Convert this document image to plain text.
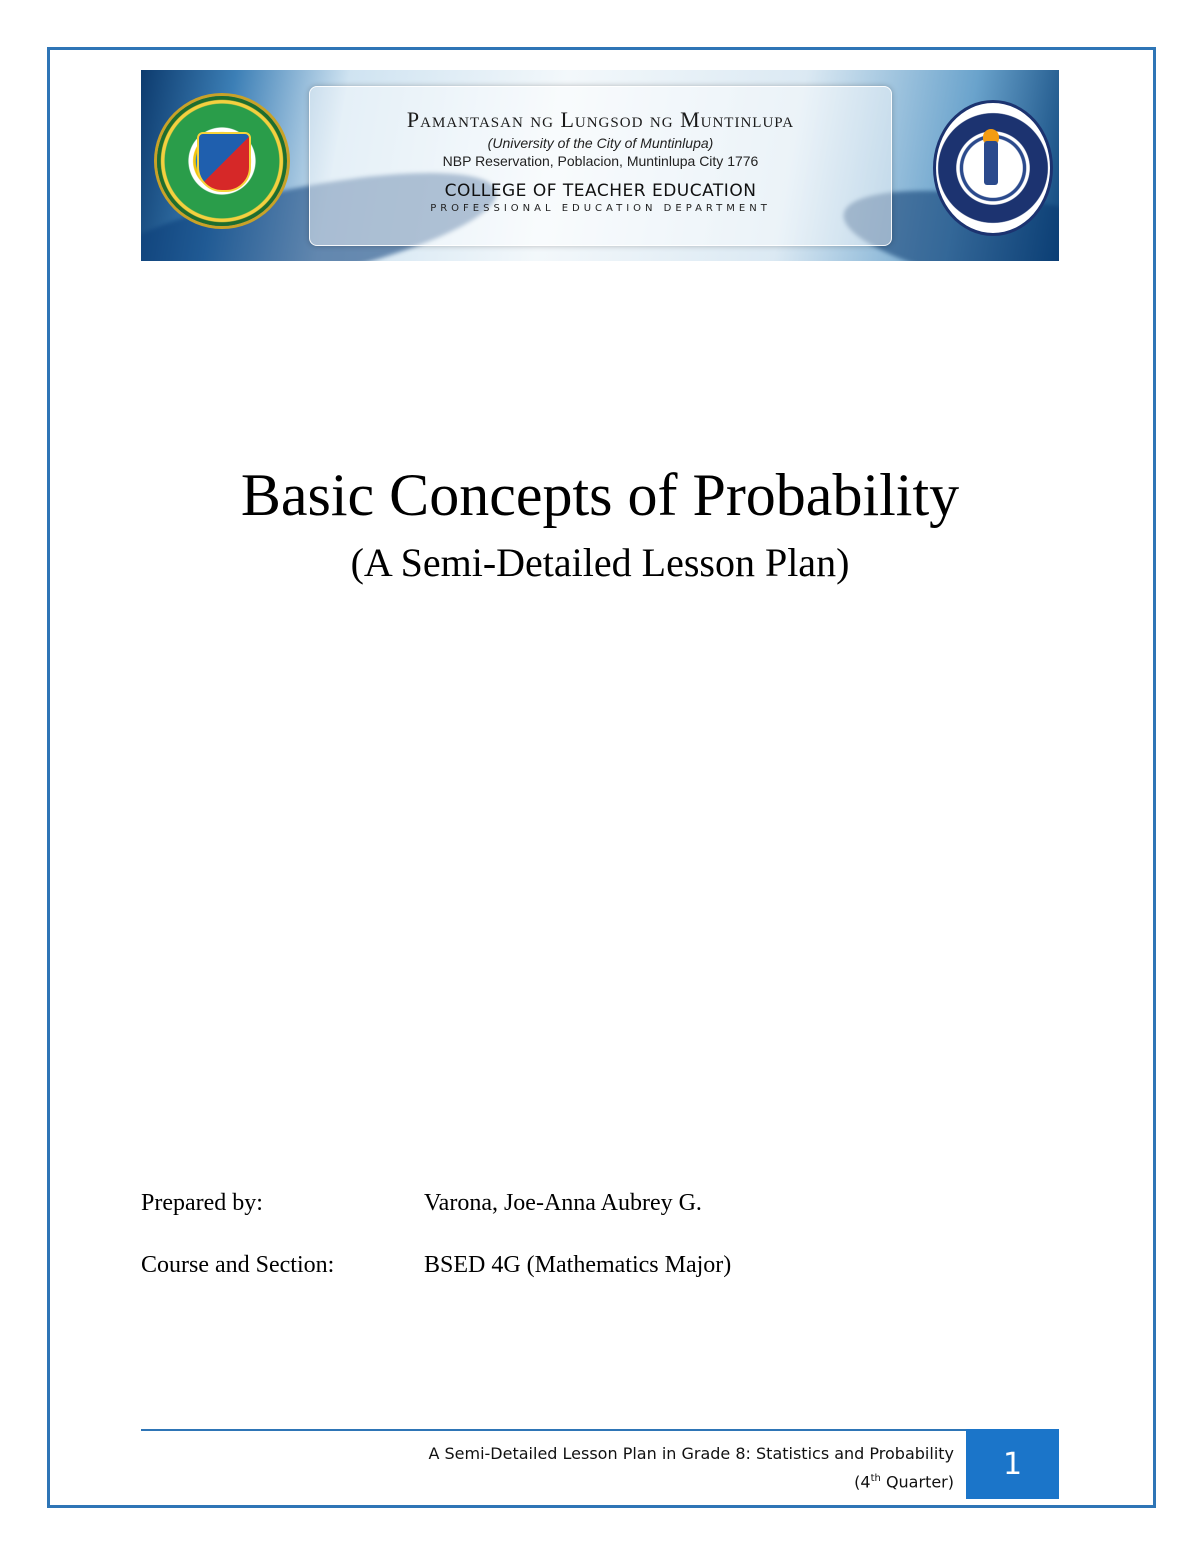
Pamantasan ng Lungsod ng Muntinlupa
(University of the City of Muntinlupa)
NBP Reservation, Poblacion, Muntinlupa City 1776
COLLEGE OF TEACHER EDUCATION
PROFESSIONAL EDUCATION DEPARTMENT
Basic Concepts of Probability
(A Semi-Detailed Lesson Plan)
Prepared by:	Varona, Joe-Anna Aubrey G.
Course and Section:	BSED 4G (Mathematics Major)
A Semi-Detailed Lesson Plan in Grade 8: Statistics and Probability
(4th Quarter)
1
